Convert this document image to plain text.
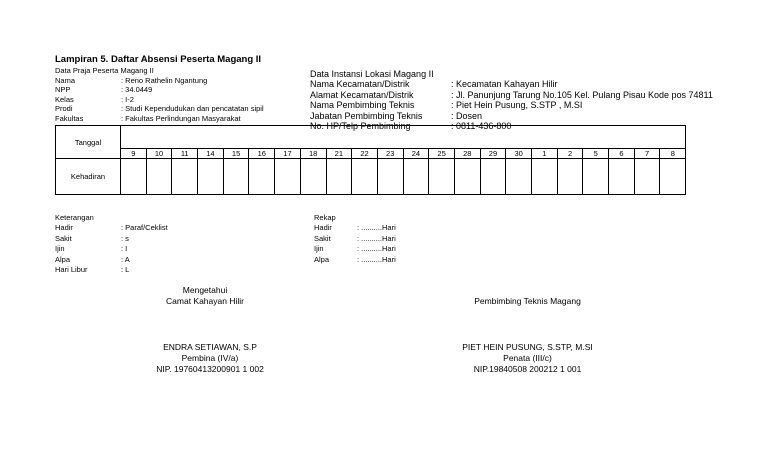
Lampiran 5. Daftar Absensi Peserta Magang II
Data Praja Peserta Magang II
Nama	: Reno Rathelin Ngantung
NPP	: 34.0449
Kelas	: I-2
Prodi	: Studi Kependudukan dan pencatatan sipil
Fakultas	: Fakultas Perlindungan Masyarakat
Data Instansi Lokasi Magang II
Nama Kecamatan/Distrik	: Kecamatan Kahayan Hilir
Alamat Kecamatan/Distrik	: Jl. Panunjung Tarung No.105 Kel. Pulang Pisau Kode pos 74811
Nama Pembimbing Teknis	: Piet Hein Pusung, S.STP , M.SI
Jabatan Pembimbing Teknis	: Dosen
No. HP/Telp Pembimbing	: 0811-436-800
Tanggal																						
	9	10	11	14	15	16	17	18	21	22	23	24	25	28	29	30	1	2	5	6	7	8
Kehadiran																						
Keterangan
Hadir	: Paraf/Ceklist
Sakit	: s
Ijin	: I
Alpa	: A
Hari Libur	: L
Rekap
Hadir	: ..........Hari
Sakit	: ..........Hari
Ijin	: ..........Hari
Alpa	: ..........Hari
Mengetahui
Camat Kahayan Hilir
ENDRA SETIAWAN, S.P
Pembina (IV/a)
NIP. 19760413200901 1 002
Pembimbing Teknis Magang
PIET HEIN PUSUNG, S.STP, M.SI
Penata (III/c)
NIP.19840508 200212 1 001
